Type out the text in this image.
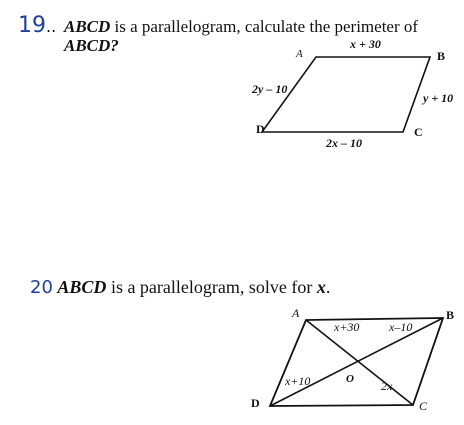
19.. ABCD is a parallelogram, calculate the perimeter of
ABCD?
20 ABCD is a parallelogram, solve for x.
A	B
C
D
x + 30
y + 10
2x – 10
2y – 10
A	B
C
D
O
x+30 x–10
x+10	2x
